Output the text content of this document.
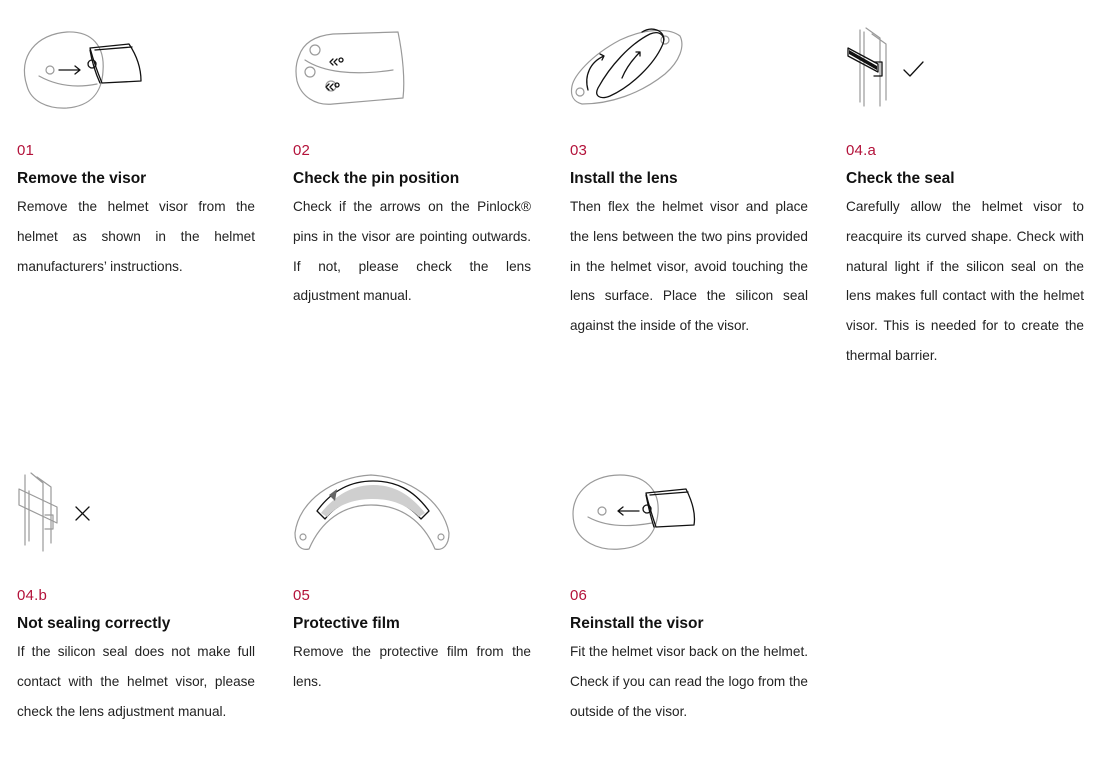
01
Remove the visor
Remove the helmet visor from the helmet as shown in the helmet manufacturers’ instructions.
02
Check the pin position
Check if the arrows on the Pinlock® pins in the visor are pointing outwards. If not, please check the lens adjustment manual.
03
Install the lens
Then flex the helmet visor and place the lens between the two pins provided in the helmet visor, avoid touching the lens surface. Place the silicon seal against the inside of the visor.
04.a
Check the seal
Carefully allow the helmet visor to reacquire its curved shape. Check with natural light if the silicon seal on the lens makes full contact with the helmet visor. This is needed for to create the thermal barrier.
04.b
Not sealing correctly
If the silicon seal does not make full contact with the helmet visor, please check the lens adjustment manual.
05
Protective film
Remove the protective film from the lens.
06
Reinstall the visor
Fit the helmet visor back on the helmet. Check if you can read the logo from the outside of the visor.
